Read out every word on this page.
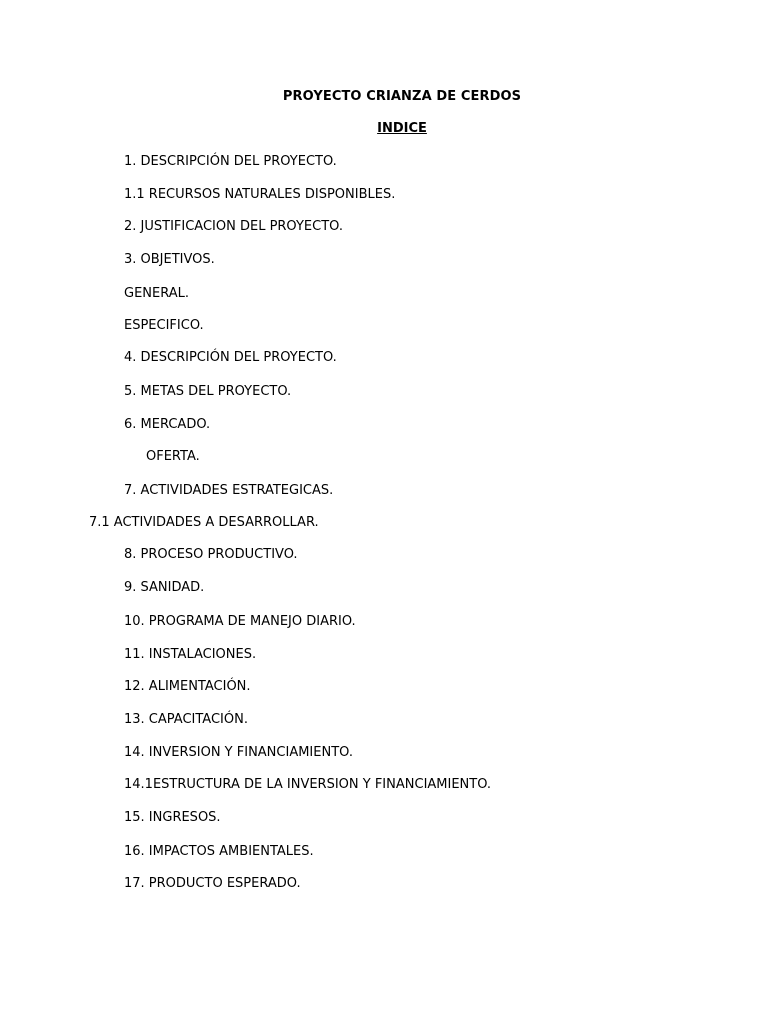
PROYECTO CRIANZA DE CERDOS
INDICE
1. DESCRIPCIÓN DEL PROYECTO.
1.1 RECURSOS NATURALES DISPONIBLES.
2. JUSTIFICACION DEL PROYECTO.
3. OBJETIVOS.
GENERAL.
ESPECIFICO.
4. DESCRIPCIÓN DEL PROYECTO.
5. METAS DEL PROYECTO.
6. MERCADO.
OFERTA.
7. ACTIVIDADES ESTRATEGICAS.
7.1 ACTIVIDADES A DESARROLLAR.
8. PROCESO PRODUCTIVO.
9. SANIDAD.
10. PROGRAMA DE MANEJO DIARIO.
11. INSTALACIONES.
12. ALIMENTACIÓN.
13. CAPACITACIÓN.
14. INVERSION Y FINANCIAMIENTO.
14.1ESTRUCTURA DE LA INVERSION Y FINANCIAMIENTO.
15. INGRESOS.
16. IMPACTOS AMBIENTALES.
17. PRODUCTO ESPERADO.
